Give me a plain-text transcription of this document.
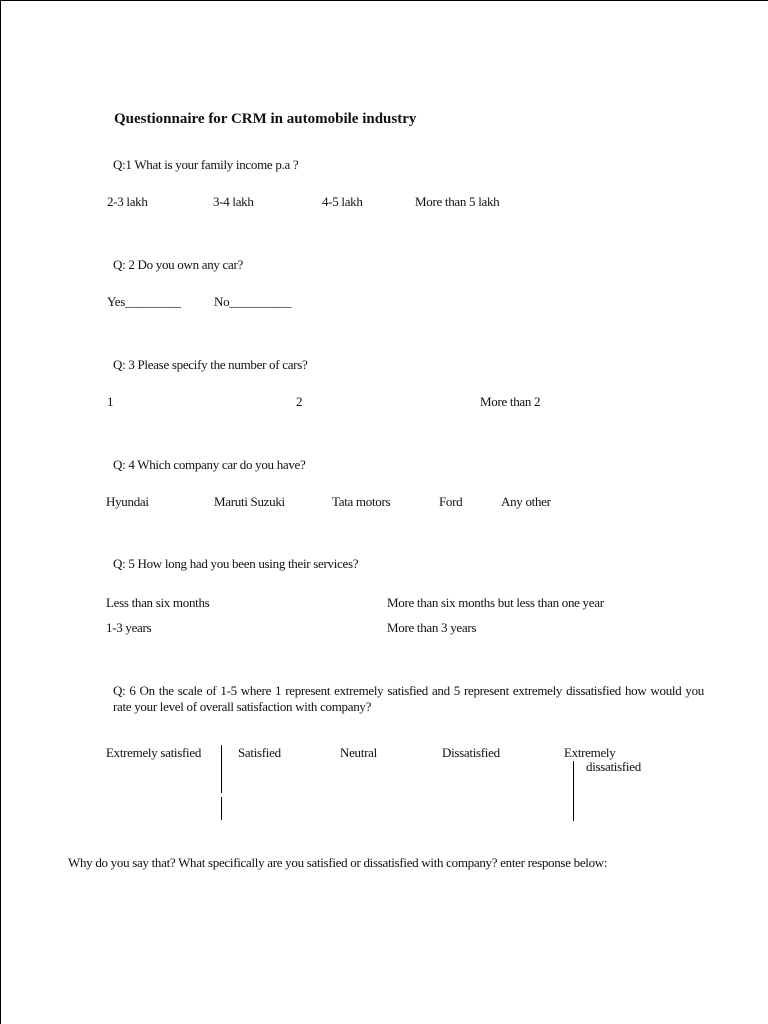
Questionnaire for CRM in automobile industry
Q:1 What is your family income p.a ?
2-3 lakh	3-4 lakh	4-5 lakh	More than 5 lakh
Q: 2 Do you own any car?
Yes_________	No__________
Q: 3 Please specify the number of cars?
1	2	More than 2
Q: 4 Which company car do you have?
Hyundai	Maruti Suzuki	Tata motors	Ford	Any other
Q: 5 How long had you been using their services?
Less than six months	More than six months but less than one year
1-3 years	More than 3 years
Q: 6 On the scale of 1-5 where 1 represent extremely satisfied and 5 represent extremely dissatisfied how would you rate your level of overall satisfaction with company?
Extremely satisfied	Satisfied	Neutral	Dissatisfied	Extremely
dissatisfied
Why do you say that? What specifically are you satisfied or dissatisfied with company? enter response below:
